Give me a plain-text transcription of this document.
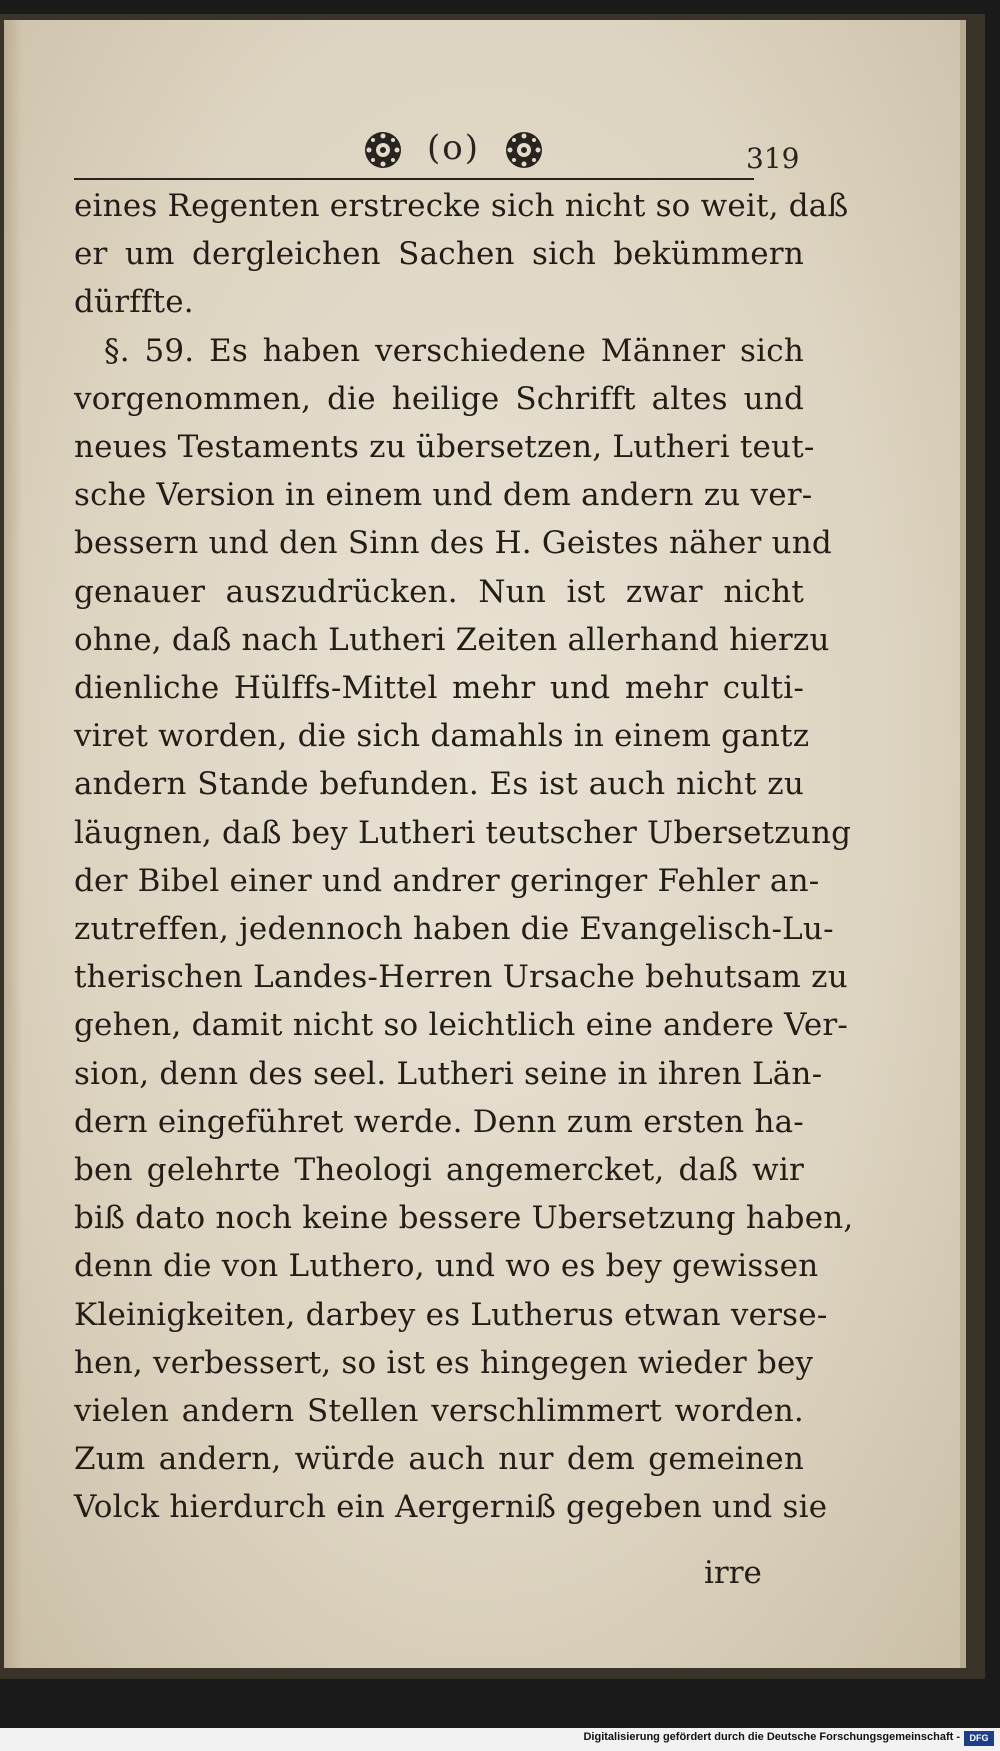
(o)	319
eines Regenten erstrecke sich nicht so weit, daß
er um dergleichen Sachen sich bekümmern
dürffte.
§. 59. Es haben verschiedene Männer sich
vorgenommen, die heilige Schrifft altes und
neues Testaments zu übersetzen, Lutheri teut-
sche Version in einem und dem andern zu ver-
bessern und den Sinn des H. Geistes näher und
genauer auszudrücken. Nun ist zwar nicht
ohne, daß nach Lutheri Zeiten allerhand hierzu
dienliche Hülffs-Mittel mehr und mehr culti-
viret worden, die sich damahls in einem gantz
andern Stande befunden. Es ist auch nicht zu
läugnen, daß bey Lutheri teutscher Ubersetzung
der Bibel einer und andrer geringer Fehler an-
zutreffen, jedennoch haben die Evangelisch-Lu-
therischen Landes-Herren Ursache behutsam zu
gehen, damit nicht so leichtlich eine andere Ver-
sion, denn des seel. Lutheri seine in ihren Län-
dern eingeführet werde. Denn zum ersten ha-
ben gelehrte Theologi angemercket, daß wir
biß dato noch keine bessere Ubersetzung haben,
denn die von Luthero, und wo es bey gewissen
Kleinigkeiten, darbey es Lutherus etwan verse-
hen, verbessert, so ist es hingegen wieder bey
vielen andern Stellen verschlimmert worden.
Zum andern, würde auch nur dem gemeinen
Volck hierdurch ein Aergerniß gegeben und sie
irre
Digitalisierung gefördert durch die Deutsche Forschungsgemeinschaft -	DFG
